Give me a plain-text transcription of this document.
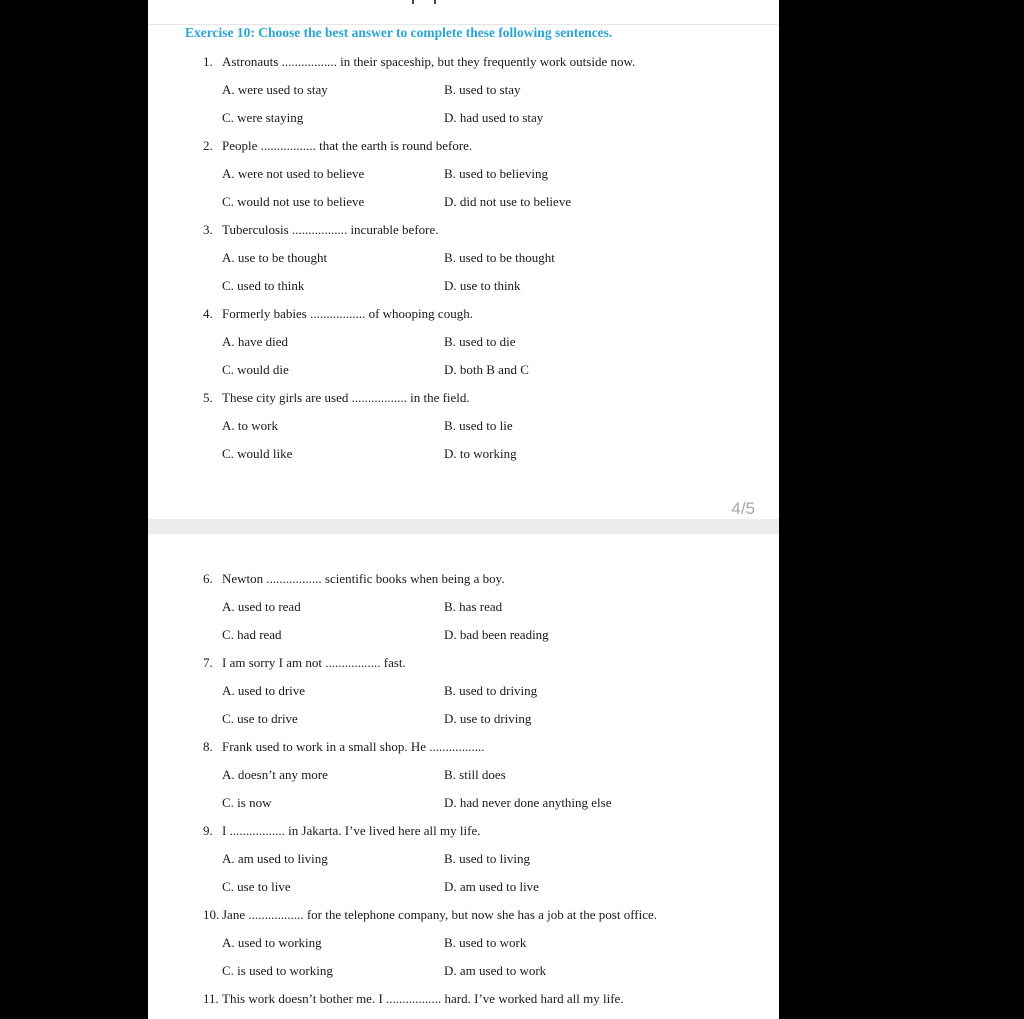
Exercise 10: Choose the best answer to complete these following sentences.
1. Astronauts ................. in their spaceship, but they frequently work outside now.
A. were used to stay	B. used to stay
C. were staying	D. had used to stay
2. People ................. that the earth is round before.
A. were not used to believe	B. used to believing
C. would not use to believe	D. did not use to believe
3. Tuberculosis ................. incurable before.
A. use to be thought	B. used to be thought
C. used to think	D. use to think
4. Formerly babies ................. of whooping cough.
A. have died	B. used to die
C. would die	D. both B and C
5. These city girls are used ................. in the field.
A. to work	B. used to lie
C. would like	D. to working
4/5
6. Newton ................. scientific books when being a boy.
A. used to read	B. has read
C. had read	D. bad been reading
7. I am sorry I am not ................. fast.
A. used to drive	B. used to driving
C. use to drive	D. use to driving
8. Frank used to work in a small shop. He .................
A. doesn’t any more	B. still does
C. is now	D. had never done anything else
9. I ................. in Jakarta. I’ve lived here all my life.
A. am used to living	B. used to living
C. use to live	D. am used to live
10. Jane ................. for the telephone company, but now she has a job at the post office.
A. used to working	B. used to work
C. is used to working	D. am used to work
11. This work doesn’t bother me. I ................. hard. I’ve worked hard all my life.
